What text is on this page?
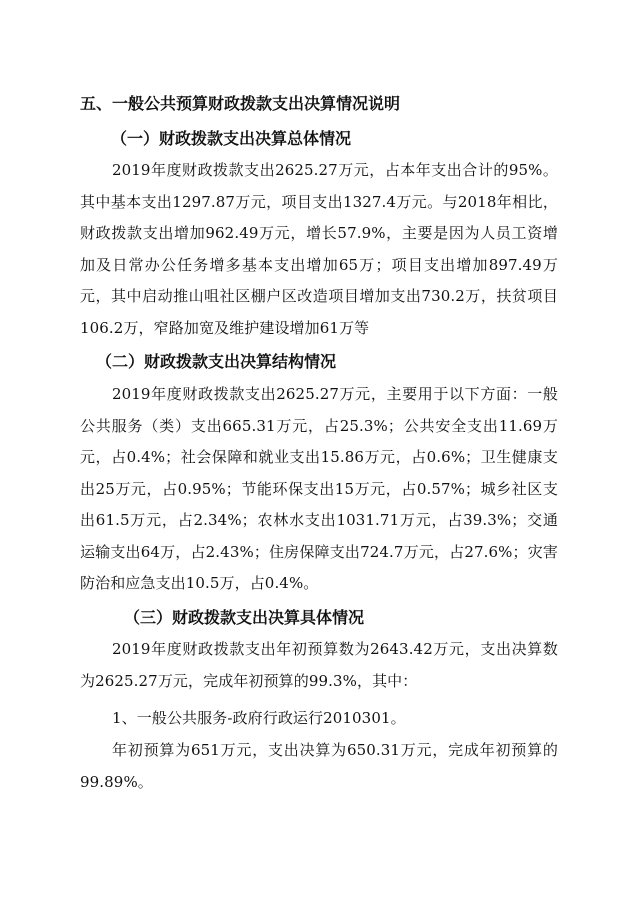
五、一般公共预算财政拨款支出决算情况说明
（一）财政拨款支出决算总体情况
2019年度财政拨款支出2625.27万元，占本年支出合计的95%。其中基本支出1297.87万元，项目支出1327.4万元。与2018年相比，财政拨款支出增加962.49万元，增长57.9%，主要是因为人员工资增加及日常办公任务增多基本支出增加65万；项目支出增加897.49万元，其中启动推山咀社区棚户区改造项目增加支出730.2万，扶贫项目106.2万，窄路加宽及维护建设增加61万等
（二）财政拨款支出决算结构情况
2019年度财政拨款支出2625.27万元，主要用于以下方面：一般公共服务（类）支出665.31万元，占25.3%；公共安全支出11.69万元，占0.4%；社会保障和就业支出15.86万元，占0.6%；卫生健康支出25万元，占0.95%；节能环保支出15万元，占0.57%；城乡社区支出61.5万元，占2.34%；农林水支出1031.71万元，占39.3%；交通运输支出64万，占2.43%；住房保障支出724.7万元，占27.6%；灾害防治和应急支出10.5万，占0.4%。
（三）财政拨款支出决算具体情况
2019年度财政拨款支出年初预算数为2643.42万元，支出决算数为2625.27万元，完成年初预算的99.3%，其中：
1、一般公共服务-政府行政运行2010301。
年初预算为651万元，支出决算为650.31万元，完成年初预算的99.89%。
